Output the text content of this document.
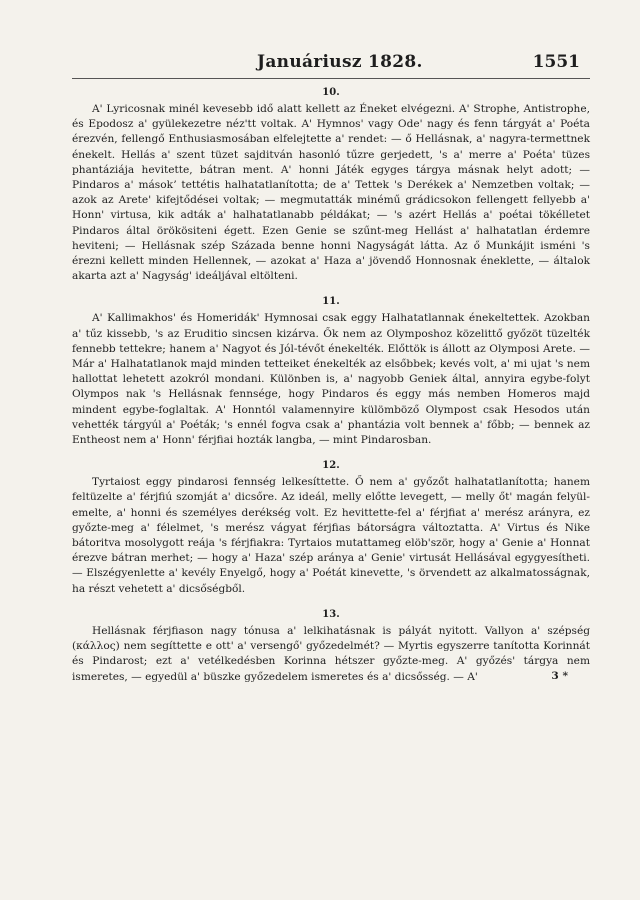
Januáriusz 1828.	1551
10.

A' Lyricosnak minél kevesebb idő alatt kellett az Éneket elvégezni. A' Strophe, Antistrophe, és Epodosz a' gyülekezetre néz'tt voltak. A' Hymnos' vagy Ode' nagy és fenn tárgyát a' Poéta érezvén, fellengő Enthusiasmosában elfelejtette a' rendet: — ő Hellásnak, a' nagyra-termettnek énekelt. Hellás a' szent tüzet sajditván hasonló tűzre gerjedett, 's a' merre a' Poéta' tüzes phantáziája hevitette, bátran ment. A' honni Játék egyges tárgya másnak helyt adott; — Pindaros a' másokʼ tettétis halhatatlanította; de a' Tettek 's Derékek a' Nemzetben voltak; — azok az Arete' kifejtődései voltak; — megmutatták minémű grádicsokon fellengett fellyebb a' Honn' virtusa, kik adták a' halhatatlanabb példákat; — 's azért Hellás a' poétai tökélletet Pindaros által örökösiteni égett. Ezen Genie se szűnt-meg Hellást a' halhatatlan érdemre heviteni; — Hellásnak szép Százada benne honni Nagyságát látta. Az ő Munkájit isméni 's érezni kellett minden Hellennek, — azokat a' Haza a' jövendő Honnosnak éneklette, — általok akarta azt a' Nagyság' ideáljával eltölteni.

11.

A' Kallimakhos' és Homeridák' Hymnosai csak eggy Halhatatlannak énekeltettek. Azokban a' tűz kissebb, 's az Eruditio sincsen kizárva. Ők nem az Olymposhoz közelittő győzöt tüzelték fennebb tettekre; hanem a' Nagyot és Jól-tévőt énekelték. Előttök is állott az Olymposi Arete. — Már a' Halhatatlanok majd minden tetteiket énekelték az elsőbbek; kevés volt, a' mi ujat 's nem hallottat lehetett azokról mondani. Különben is, a' nagyobb Geniek által, annyira egybe-folyt Olympos nak 's Hellásnak fennsége, hogy Pindaros és eggy más nemben Homeros majd mindent egybe-foglaltak. A' Honntól valamennyire külömböző Olympost csak Hesodos után vehették tárgyúl a' Poéták; 's ennél fogva csak a' phantázia volt bennek a' főbb; — bennek az Entheost nem a' Honn' férjfiai hozták langba, — mint Pindarosban.

12.

Tyrtaiost eggy pindarosi fennség lelkesíttette. Ő nem a' győzőt halhatatlanította; hanem feltüzelte a' férjfiú szomját a' dicsőre. Az ideál, melly előtte levegett, — melly őt' magán felyül-emelte, a' honni és személyes derékség volt. Ez hevittette-fel a' férjfiat a' merész arányra, ez győzte-meg a' félelmet, 's merész vágyat férjfias bátorságra változtatta. A' Virtus és Nike bátoritva mosolygott reája 's férjfiakra: Tyrtaios mutattameg elöb'ször, hogy a' Genie a' Honnat érezve bátran merhet; — hogy a' Haza' szép aránya a' Genie' virtusát Hellásával egygyesítheti. — Elszégyenlette a' kevély Enyelgő, hogy a' Poétát kinevette, 's örvendett az alkalmatosságnak, ha részt vehetett a' dicsőségből.

13.

Hellásnak férjfiason nagy tónusa a' lelkihatásnak is pályát nyitott. Vallyon a' szépség (κάλλος) nem segíttette e ott' a' versengő' győzedelmét? — Myrtis egyszerre tanította Korinnát és Pindarost; ezt a' vetélkedésben Korinna hétszer győzte-meg. A' győzés' tárgya nem ismeretes, — egyedül a' büszke győzedelem ismeretes és a' dicsősség. — A'	3 *
